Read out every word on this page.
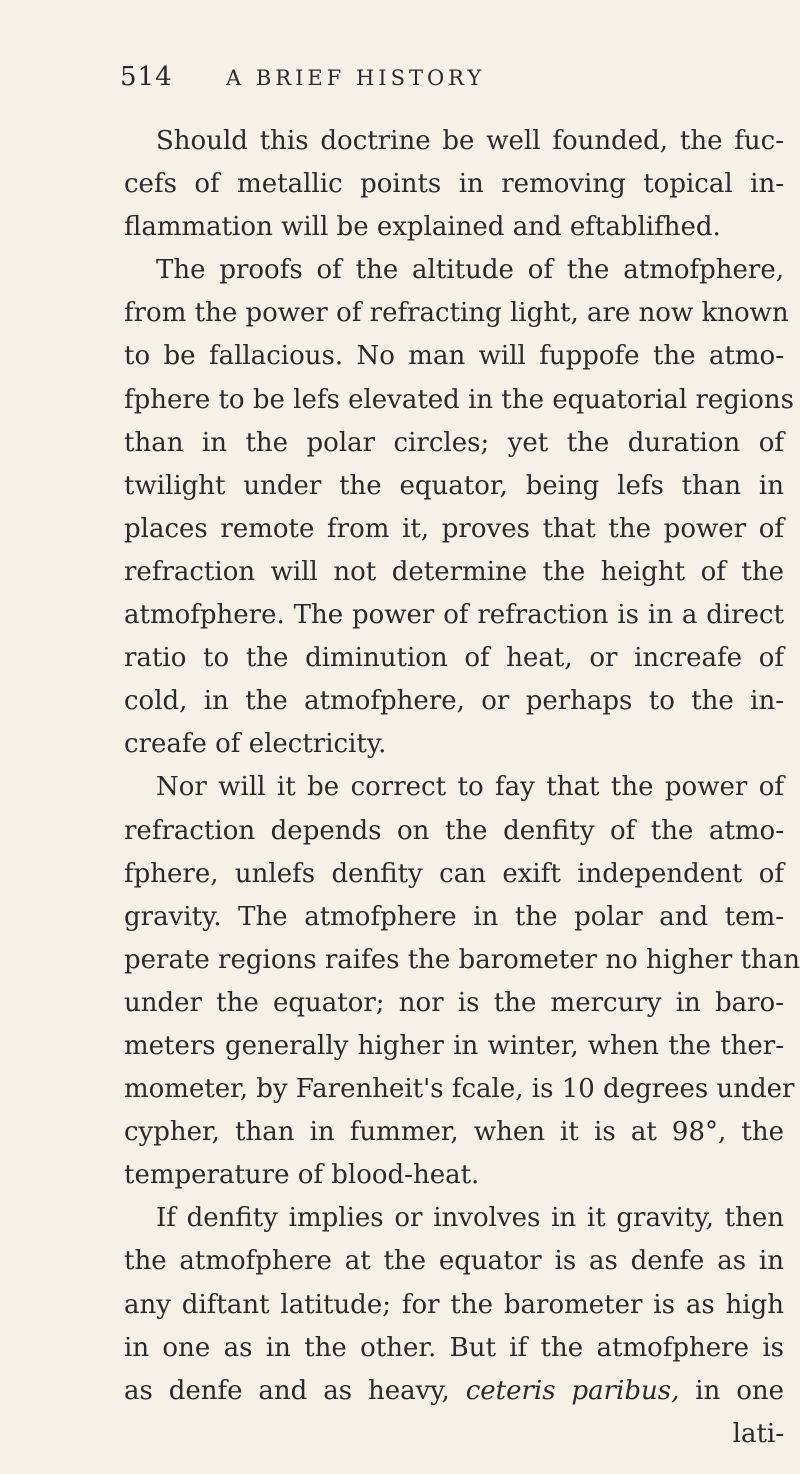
514	A BRIEF HISTORY
Should this doctrine be well founded, the fuc-
cefs of metallic points in removing topical in-
flammation will be explained and eftablifhed.
The proofs of the altitude of the atmofphere,
from the power of refracting light, are now known
to be fallacious. No man will fuppofe the atmo-
fphere to be lefs elevated in the equatorial regions
than in the polar circles; yet the duration of
twilight under the equator, being lefs than in
places remote from it, proves that the power of
refraction will not determine the height of the
atmofphere. The power of refraction is in a direct
ratio to the diminution of heat, or increafe of
cold, in the atmofphere, or perhaps to the in-
creafe of electricity.
Nor will it be correct to fay that the power of
refraction depends on the denfity of the atmo-
fphere, unlefs denfity can exift independent of
gravity. The atmofphere in the polar and tem-
perate regions raifes the barometer no higher than
under the equator; nor is the mercury in baro-
meters generally higher in winter, when the ther-
mometer, by Farenheit's fcale, is 10 degrees under
cypher, than in fummer, when it is at 98°, the
temperature of blood-heat.
If denfity implies or involves in it gravity, then
the atmofphere at the equator is as denfe as in
any diftant latitude; for the barometer is as high
in one as in the other. But if the atmofphere is
as denfe and as heavy, ceteris paribus, in one
lati-
